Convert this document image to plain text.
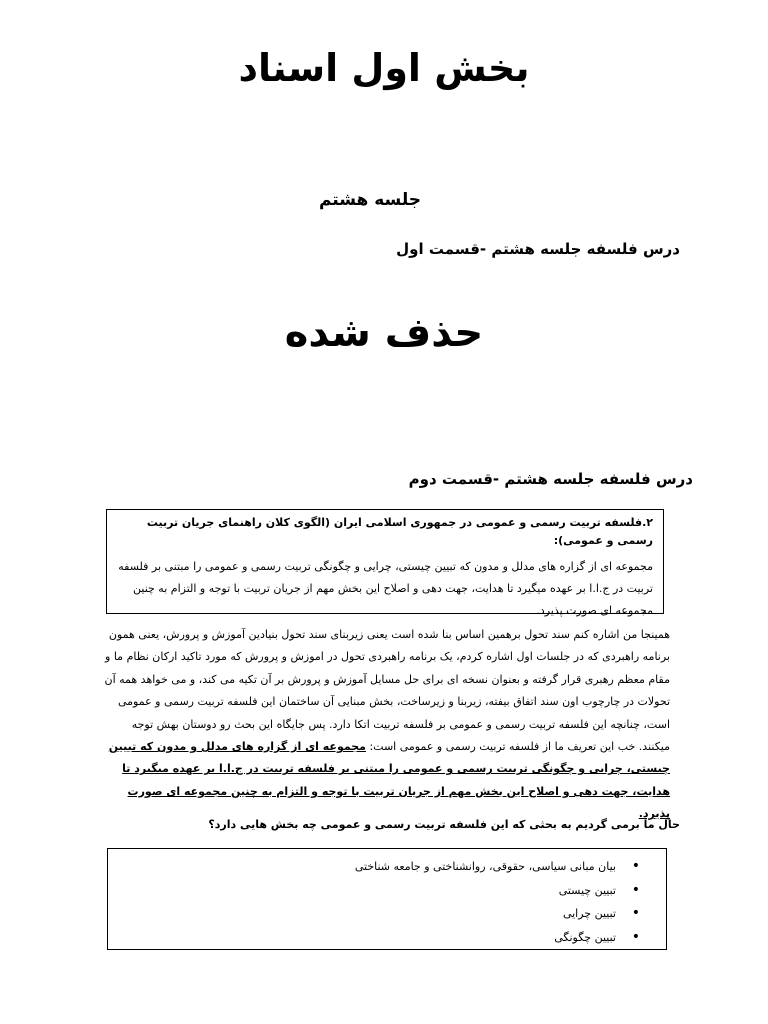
بخش اول اسناد
جلسه هشتم
درس فلسفه جلسه هشتم -قسمت اول
حذف شده
درس فلسفه جلسه هشتم -قسمت دوم

۲.فلسفه تربیت رسمی و عمومی در جمهوری اسلامی ایران (الگوی کلان راهنمای جریان تربیت رسمی و عمومی):

مجموعه ای از گزاره های مدلل و مدون که تبیین چیستی، چرایی و چگونگی تربیت رسمی و عمومی را مبتنی بر فلسفه تربیت در ج.ا.ا بر عهده میگیرد تا هدایت، جهت دهی و اصلاح این بخش مهم از جریان تربیت با توجه و التزام به چنین مجموعه ای صورت پذیرد.

همینجا من اشاره کنم سند تحول برهمین اساس بنا شده است یعنی زیربنای سند تحول بنیادین آموزش و پرورش، یعنی همون برنامه راهبردی که در جلسات اول اشاره کردم، یک برنامه راهبردی تحول در اموزش و پرورش که مورد تاکید ارکان نظام ما و مقام معظم رهبری قرار گرفته و بعنوان نسخه ای برای حل مسایل آموزش و پرورش بر آن تکیه می کند، و می خواهد همه آن تحولات در چارچوب اون سند اتفاق بیفته، زیربنا و زیرساخت، بخش مبنایی آن ساختمان این فلسفه تربیت رسمی و عمومی است، چنانچه این فلسفه تربیت رسمی و عمومی بر فلسفه تربیت اتکا دارد. پس جایگاه این بحث رو دوستان بهش توجه میکنند. خب این تعریف ما از فلسفه تربیت رسمی و عمومی است: مجموعه ای از گزاره های مدلل و مدون که تبیین چیستی، چرایی و چگونگی تربیت رسمی و عمومی را مبتنی بر فلسفه تربیت در ج.ا.ا بر عهده میگیرد تا هدایت، جهت دهی و اصلاح این بخش مهم از جریان تربیت با توجه و التزام به چنین مجموعه ای صورت پذیرد.

حال ما برمی گردیم به بحثی که این فلسفه تربیت رسمی و عمومی چه بخش هایی دارد؟

•
بیان مبانی سیاسی، حقوقی، روانشناختی و جامعه شناختی
•
تبیین چیستی
•
تبیین چرایی
•
تبیین چگونگی
